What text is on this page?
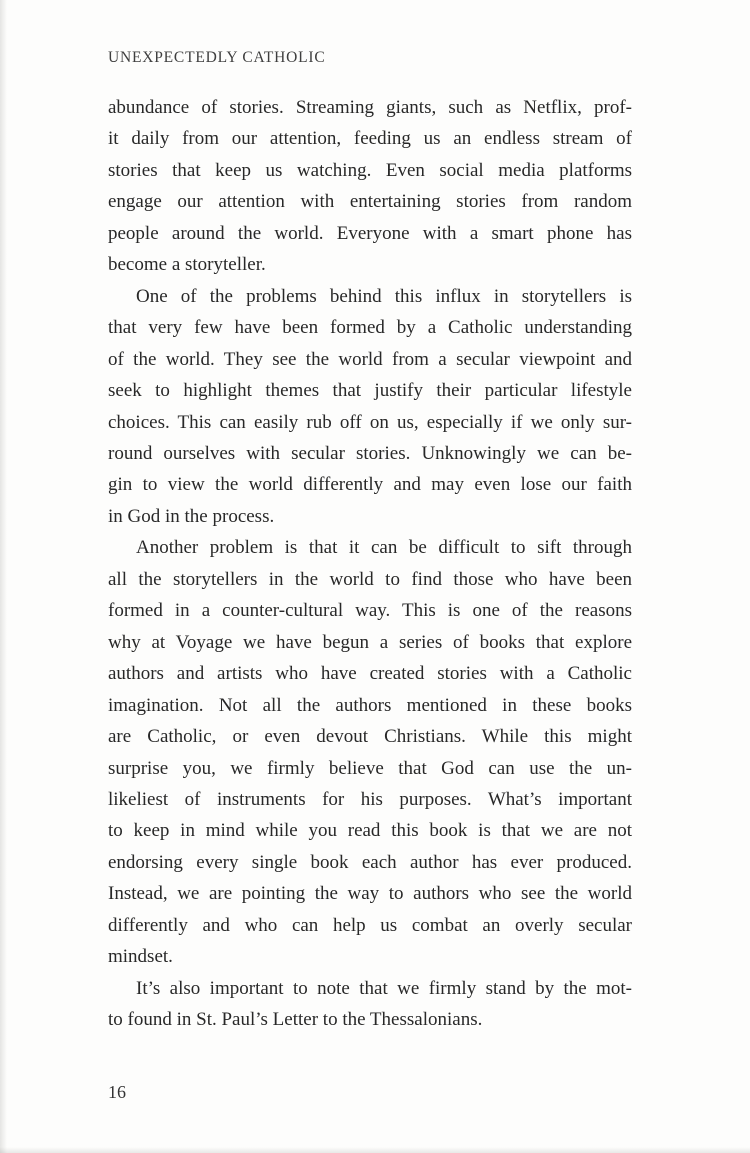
UNEXPECTEDLY CATHOLIC
abundance of stories. Streaming giants, such as Netflix, prof-
it daily from our attention, feeding us an endless stream of
stories that keep us watching. Even social media platforms
engage our attention with entertaining stories from random
people around the world. Everyone with a smart phone has
become a storyteller.
One of the problems behind this influx in storytellers is
that very few have been formed by a Catholic understanding
of the world. They see the world from a secular viewpoint and
seek to highlight themes that justify their particular lifestyle
choices. This can easily rub off on us, especially if we only sur-
round ourselves with secular stories. Unknowingly we can be-
gin to view the world differently and may even lose our faith
in God in the process.
Another problem is that it can be difficult to sift through
all the storytellers in the world to find those who have been
formed in a counter-cultural way. This is one of the reasons
why at Voyage we have begun a series of books that explore
authors and artists who have created stories with a Catholic
imagination. Not all the authors mentioned in these books
are Catholic, or even devout Christians. While this might
surprise you, we firmly believe that God can use the un-
likeliest of instruments for his purposes. What’s important
to keep in mind while you read this book is that we are not
endorsing every single book each author has ever produced.
Instead, we are pointing the way to authors who see the world
differently and who can help us combat an overly secular
mindset.
It’s also important to note that we firmly stand by the mot-
to found in St. Paul’s Letter to the Thessalonians.
16
